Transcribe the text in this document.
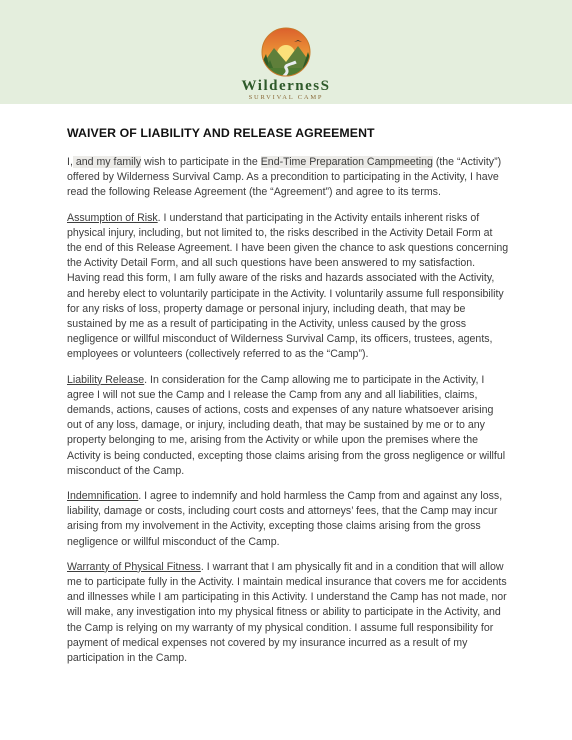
WildernesS
SURVIVAL CAMP
WAIVER OF LIABILITY AND RELEASE AGREEMENT

I, and my family wish to participate in the End-Time Preparation Campmeeting (the “Activity”) offered by Wilderness Survival Camp. As a precondition to participating in the Activity, I have read the following Release Agreement (the “Agreement”) and agree to its terms.

Assumption of Risk. I understand that participating in the Activity entails inherent risks of physical injury, including, but not limited to, the risks described in the Activity Detail Form at the end of this Release Agreement. I have been given the chance to ask questions concerning the Activity Detail Form, and all such questions have been answered to my satisfaction. Having read this form, I am fully aware of the risks and hazards associated with the Activity, and hereby elect to voluntarily participate in the Activity. I voluntarily assume full responsibility for any risks of loss, property damage or personal injury, including death, that may be sustained by me as a result of participating in the Activity, unless caused by the gross negligence or willful misconduct of Wilderness Survival Camp, its officers, trustees, agents, employees or volunteers (collectively referred to as the “Camp”).

Liability Release. In consideration for the Camp allowing me to participate in the Activity, I agree I will not sue the Camp and I release the Camp from any and all liabilities, claims, demands, actions, causes of actions, costs and expenses of any nature whatsoever arising out of any loss, damage, or injury, including death, that may be sustained by me or to any property belonging to me, arising from the Activity or while upon the premises where the Activity is being conducted, excepting those claims arising from the gross negligence or willful misconduct of the Camp.

Indemnification. I agree to indemnify and hold harmless the Camp from and against any loss, liability, damage or costs, including court costs and attorneys’ fees, that the Camp may incur arising from my involvement in the Activity, excepting those claims arising from the gross negligence or willful misconduct of the Camp.

Warranty of Physical Fitness. I warrant that I am physically fit and in a condition that will allow me to participate fully in the Activity. I maintain medical insurance that covers me for accidents and illnesses while I am participating in this Activity. I understand the Camp has not made, nor will make, any investigation into my physical fitness or ability to participate in the Activity, and the Camp is relying on my warranty of my physical condition. I assume full responsibility for payment of medical expenses not covered by my insurance incurred as a result of my participation in the Camp.
